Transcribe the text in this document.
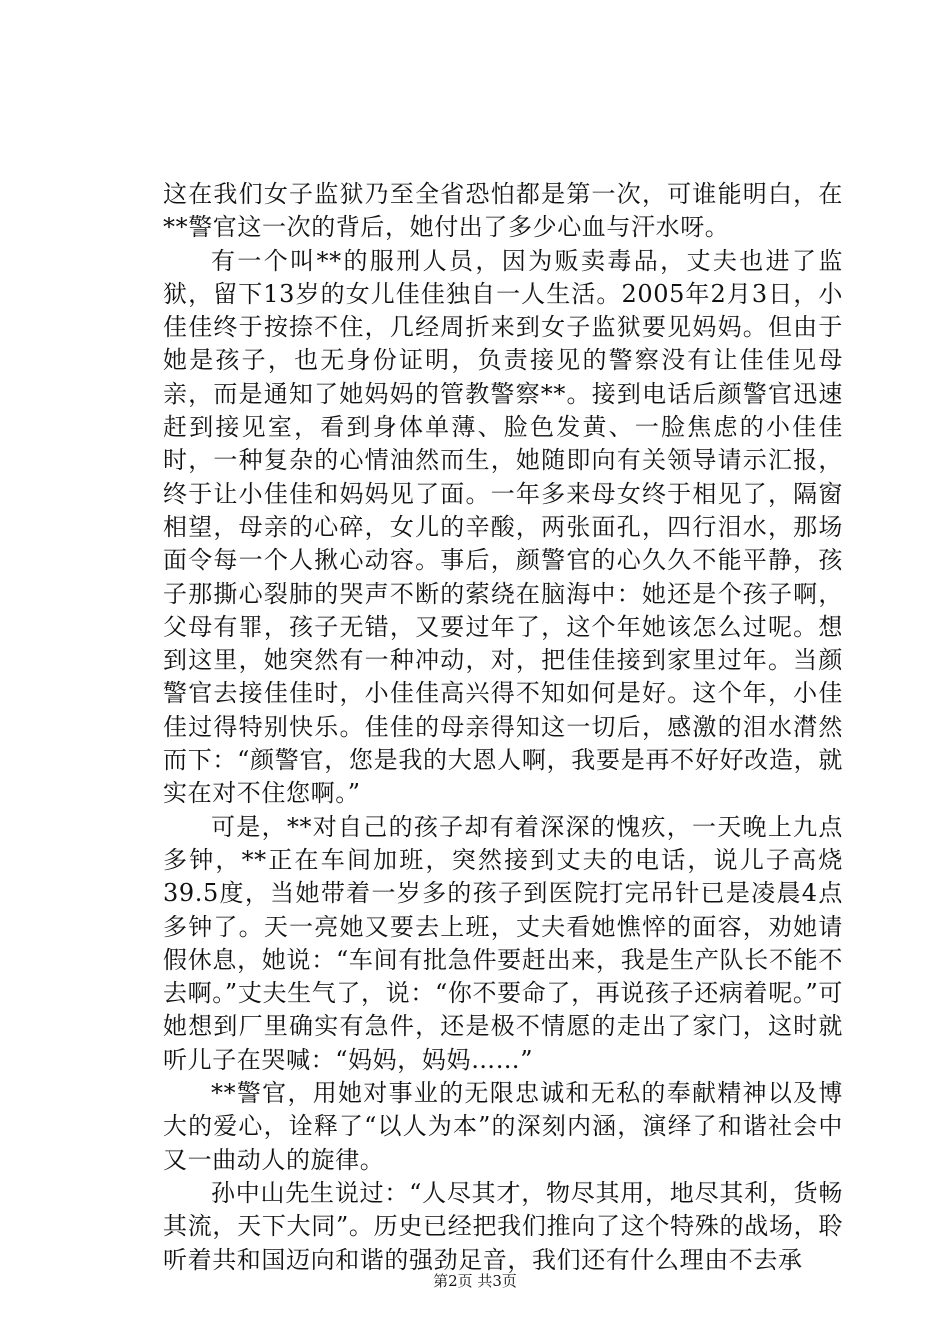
这在我们女子监狱乃至全省恐怕都是第一次，可谁能明白，在**警官这一次的背后，她付出了多少心血与汗水呀。

有一个叫**的服刑人员，因为贩卖毒品，丈夫也进了监狱，留下13岁的女儿佳佳独自一人生活。2005年2月3日，小佳佳终于按捺不住，几经周折来到女子监狱要见妈妈。但由于她是孩子，也无身份证明，负责接见的警察没有让佳佳见母亲，而是通知了她妈妈的管教警察**。接到电话后颜警官迅速赶到接见室，看到身体单薄、脸色发黄、一脸焦虑的小佳佳时，一种复杂的心情油然而生，她随即向有关领导请示汇报，终于让小佳佳和妈妈见了面。一年多来母女终于相见了，隔窗相望，母亲的心碎，女儿的辛酸，两张面孔，四行泪水，那场面令每一个人揪心动容。事后，颜警官的心久久不能平静，孩子那撕心裂肺的哭声不断的萦绕在脑海中：她还是个孩子啊，父母有罪，孩子无错，又要过年了，这个年她该怎么过呢。想到这里，她突然有一种冲动，对，把佳佳接到家里过年。当颜警官去接佳佳时，小佳佳高兴得不知如何是好。这个年，小佳佳过得特别快乐。佳佳的母亲得知这一切后，感激的泪水潸然而下：“颜警官，您是我的大恩人啊，我要是再不好好改造，就实在对不住您啊。”

可是，**对自己的孩子却有着深深的愧疚，一天晚上九点多钟，**正在车间加班，突然接到丈夫的电话，说儿子高烧39.5度，当她带着一岁多的孩子到医院打完吊针已是凌晨4点多钟了。天一亮她又要去上班，丈夫看她憔悴的面容，劝她请假休息，她说：“车间有批急件要赶出来，我是生产队长不能不去啊。”丈夫生气了，说：“你不要命了，再说孩子还病着呢。”可她想到厂里确实有急件，还是极不情愿的走出了家门，这时就听儿子在哭喊：“妈妈，妈妈……”

**警官，用她对事业的无限忠诚和无私的奉献精神以及博大的爱心，诠释了“以人为本”的深刻内涵，演绎了和谐社会中又一曲动人的旋律。

孙中山先生说过：“人尽其才，物尽其用，地尽其利，货畅其流，天下大同”。历史已经把我们推向了这个特殊的战场，聆听着共和国迈向和谐的强劲足音，我们还有什么理由不去承

第2页 共3页
